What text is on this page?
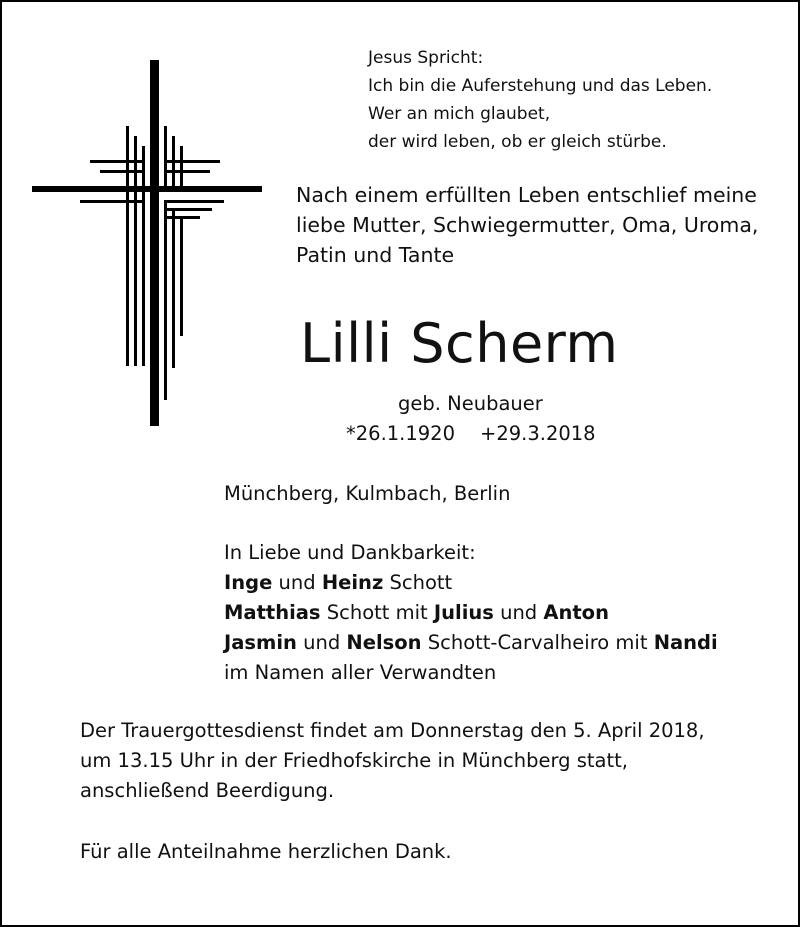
Jesus Spricht:
Ich bin die Auferstehung und das Leben.
Wer an mich glaubet,
der wird leben, ob er gleich stürbe.
Nach einem erfüllten Leben entschlief meine
liebe Mutter, Schwiegermutter, Oma, Uroma,
Patin und Tante
Lilli Scherm
geb. Neubauer
*26.1.1920 +29.3.2018
Münchberg, Kulmbach, Berlin
In Liebe und Dankbarkeit:
Inge und Heinz Schott
Matthias Schott mit Julius und Anton
Jasmin und Nelson Schott-Carvalheiro mit Nandi
im Namen aller Verwandten
Der Trauergottesdienst findet am Donnerstag den 5. April 2018,
um 13.15 Uhr in der Friedhofskirche in Münchberg statt,
anschließend Beerdigung.
Für alle Anteilnahme herzlichen Dank.
